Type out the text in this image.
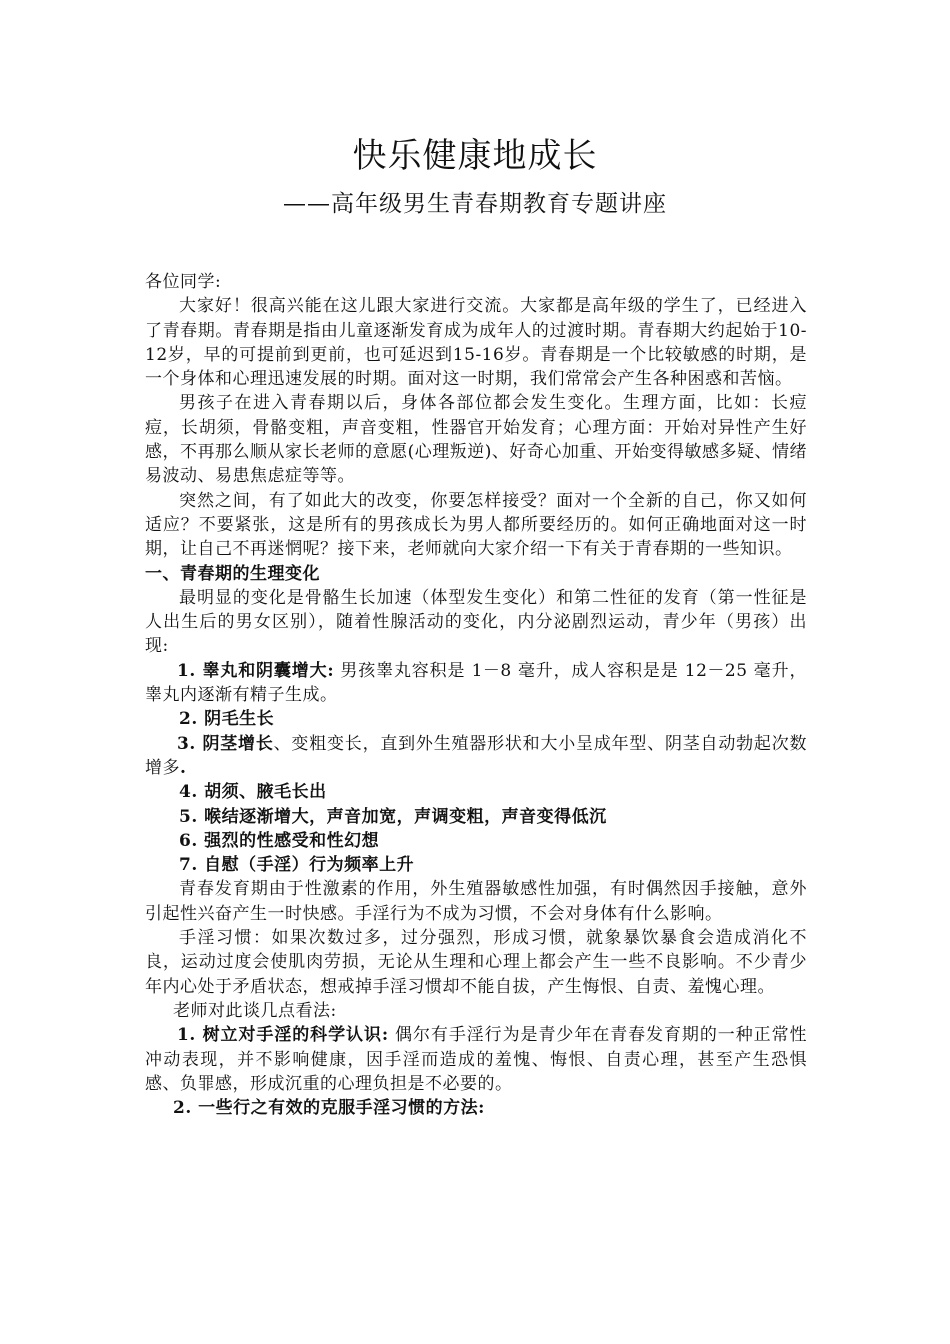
快乐健康地成长
——高年级男生青春期教育专题讲座

各位同学:

大家好！很高兴能在这儿跟大家进行交流。大家都是高年级的学生了，已经进入了青春期。青春期是指由儿童逐渐发育成为成年人的过渡时期。青春期大约起始于10-12岁，早的可提前到更前，也可延迟到15-16岁。青春期是一个比较敏感的时期，是一个身体和心理迅速发展的时期。面对这一时期，我们常常会产生各种困惑和苦恼。

男孩子在进入青春期以后，身体各部位都会发生变化。生理方面，比如：长痘痘，长胡须，骨骼变粗，声音变粗，性器官开始发育；心理方面：开始对异性产生好感，不再那么顺从家长老师的意愿(心理叛逆)、好奇心加重、开始变得敏感多疑、情绪易波动、易患焦虑症等等。

突然之间，有了如此大的改变，你要怎样接受？面对一个全新的自己，你又如何适应？不要紧张，这是所有的男孩成长为男人都所要经历的。如何正确地面对这一时期，让自己不再迷惘呢？接下来，老师就向大家介绍一下有关于青春期的一些知识。

一、青春期的生理变化

最明显的变化是骨骼生长加速（体型发生变化）和第二性征的发育（第一性征是人出生后的男女区别），随着性腺活动的变化，内分泌剧烈运动，青少年（男孩）出现:

1. 睾丸和阴囊增大: 男孩睾丸容积是 1－8 毫升，成人容积是是 12－25 毫升，睾丸内逐渐有精子生成。

2. 阴毛生长

3. 阴茎增长、变粗变长，直到外生殖器形状和大小呈成年型、阴茎自动勃起次数增多.

4. 胡须、腋毛长出

5. 喉结逐渐增大，声音加宽，声调变粗，声音变得低沉

6. 强烈的性感受和性幻想

7. 自慰（手淫）行为频率上升

青春发育期由于性激素的作用，外生殖器敏感性加强，有时偶然因手接触，意外引起性兴奋产生一时快感。手淫行为不成为习惯，不会对身体有什么影响。

手淫习惯：如果次数过多，过分强烈，形成习惯，就象暴饮暴食会造成消化不良，运动过度会使肌肉劳损，无论从生理和心理上都会产生一些不良影响。不少青少年内心处于矛盾状态，想戒掉手淫习惯却不能自拔，产生悔恨、自责、羞愧心理。

老师对此谈几点看法:

1. 树立对手淫的科学认识: 偶尔有手淫行为是青少年在青春发育期的一种正常性冲动表现，并不影响健康，因手淫而造成的羞愧、悔恨、自责心理，甚至产生恐惧感、负罪感，形成沉重的心理负担是不必要的。

2. 一些行之有效的克服手淫习惯的方法:
